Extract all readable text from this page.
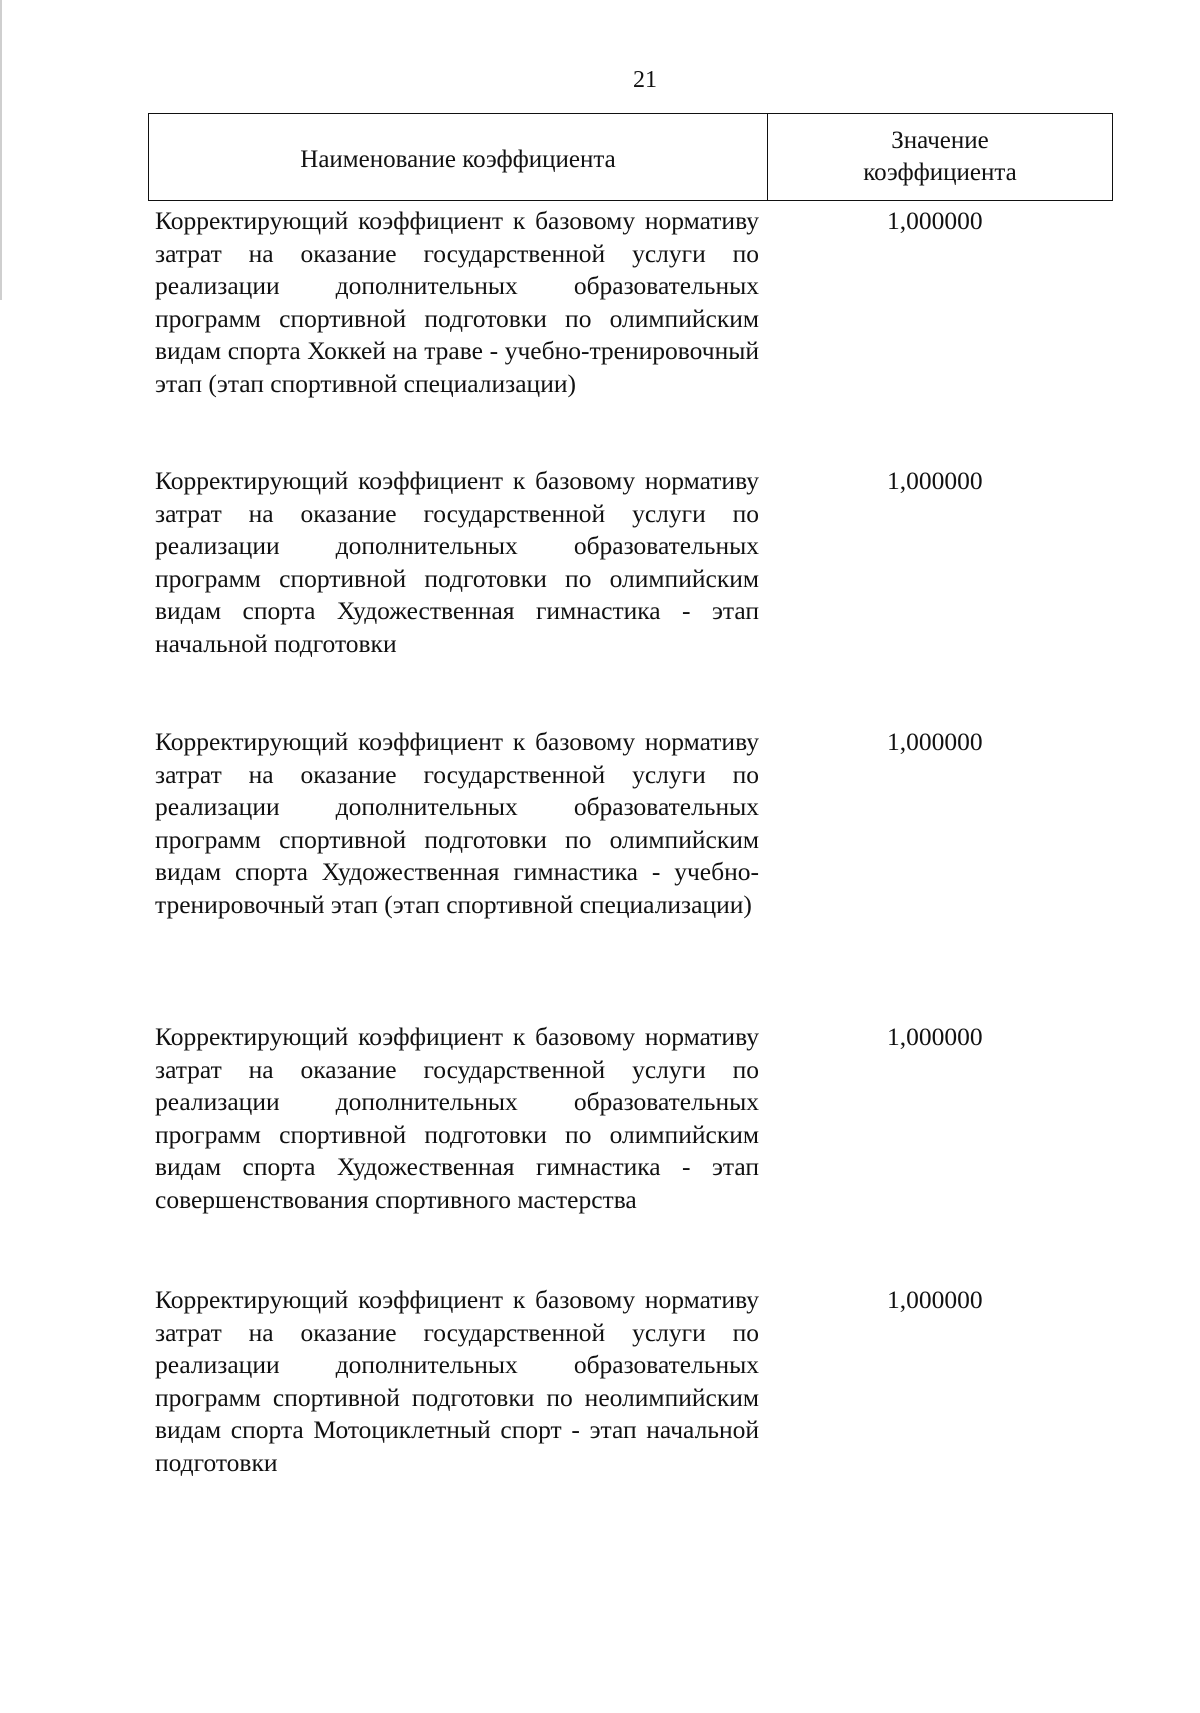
21
Наименование коэффициента
Значение
коэффициента
Корректирующий коэффициент к базовому нормативу затрат на оказание государственной услуги по реализации дополнительных образовательных программ спортивной подготовки по олимпийским видам спорта Хоккей на траве - учебно-тренировочный этап (этап спортивной специализации)
1,000000
Корректирующий коэффициент к базовому нормативу затрат на оказание государственной услуги по реализации дополнительных образовательных программ спортивной подготовки по олимпийским видам спорта Художественная гимнастика - этап начальной подготовки
1,000000
Корректирующий коэффициент к базовому нормативу затрат на оказание государственной услуги по реализации дополнительных образовательных программ спортивной подготовки по олимпийским видам спорта Художественная гимнастика - учебно-тренировочный этап (этап спортивной специализации)
1,000000
Корректирующий коэффициент к базовому нормативу затрат на оказание государственной услуги по реализации дополнительных образовательных программ спортивной подготовки по олимпийским видам спорта Художественная гимнастика - этап совершенствования спортивного мастерства
1,000000
Корректирующий коэффициент к базовому нормативу затрат на оказание государственной услуги по реализации дополнительных образовательных программ спортивной подготовки по неолимпийским видам спорта Мотоциклетный спорт - этап начальной подготовки
1,000000
